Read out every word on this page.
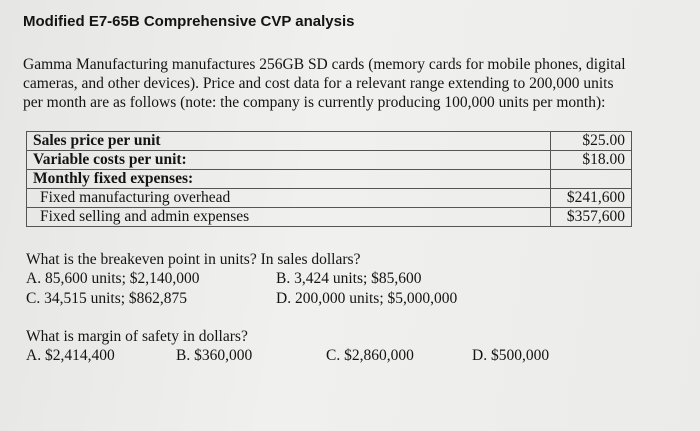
Modified E7-65B Comprehensive CVP analysis
Gamma Manufacturing manufactures 256GB SD cards (memory cards for mobile phones, digital
cameras, and other devices). Price and cost data for a relevant range extending to 200,000 units
per month are as follows (note: the company is currently producing 100,000 units per month):
Sales price per unit	$25.00
Variable costs per unit:	$18.00
Monthly fixed expenses:	
Fixed manufacturing overhead	$241,600
Fixed selling and admin expenses	$357,600
What is the breakeven point in units? In sales dollars?
A. 85,600 units; $2,140,000	B. 3,424 units; $85,600
C. 34,515 units; $862,875	D. 200,000 units; $5,000,000
What is margin of safety in dollars?
A. $2,414,400	B. $360,000	C. $2,860,000	D. $500,000
